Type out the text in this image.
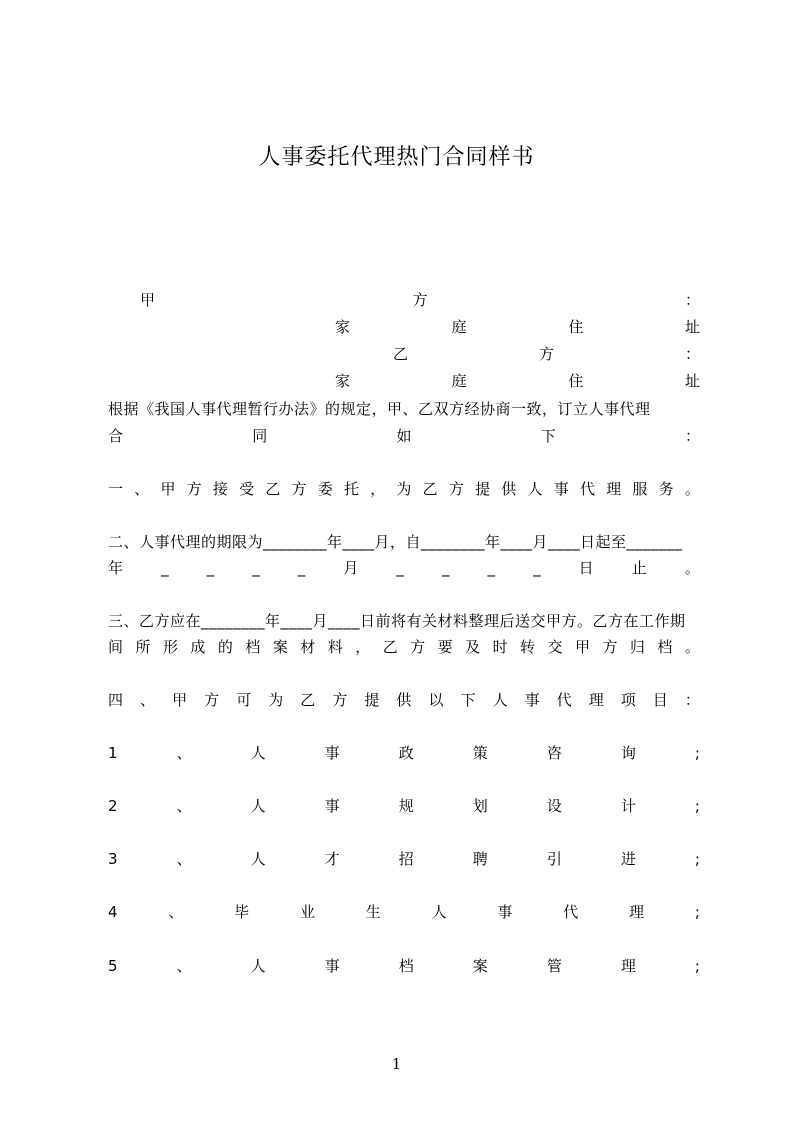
人事委托代理热门合同样书
甲	方	：
家	庭	住	址
乙	方	：
家	庭	住	址
根据《我国人事代理暂行办法》的规定，甲、乙双方经协商一致，订立人事代理
合	同	如	下	：
一 、 甲 方 接 受 乙 方 委 托 ， 为 乙 方 提 供 人 事 代 理 服 务 。
二、人事代理的期限为________年____月，自________年____月____日起至_______
年	_	_	_	_	月	_	_	_	_	日	止	。
三、乙方应在________年____月____日前将有关材料整理后送交甲方。乙方在工作期
间 所 形 成 的 档 案 材 料 ， 乙 方 要 及 时 转 交 甲 方 归 档 。
四 、 甲 方 可 为 乙 方 提 供 以 下 人 事 代 理 项 目 ：
1	、	人	事	政	策	咨	询	;
2	、	人	事	规	划	设	计	;
3	、	人	才	招	聘	引	进	;
4	、	毕	业	生	人	事	代	理	;
5	、	人	事	档	案	管	理	;
1
